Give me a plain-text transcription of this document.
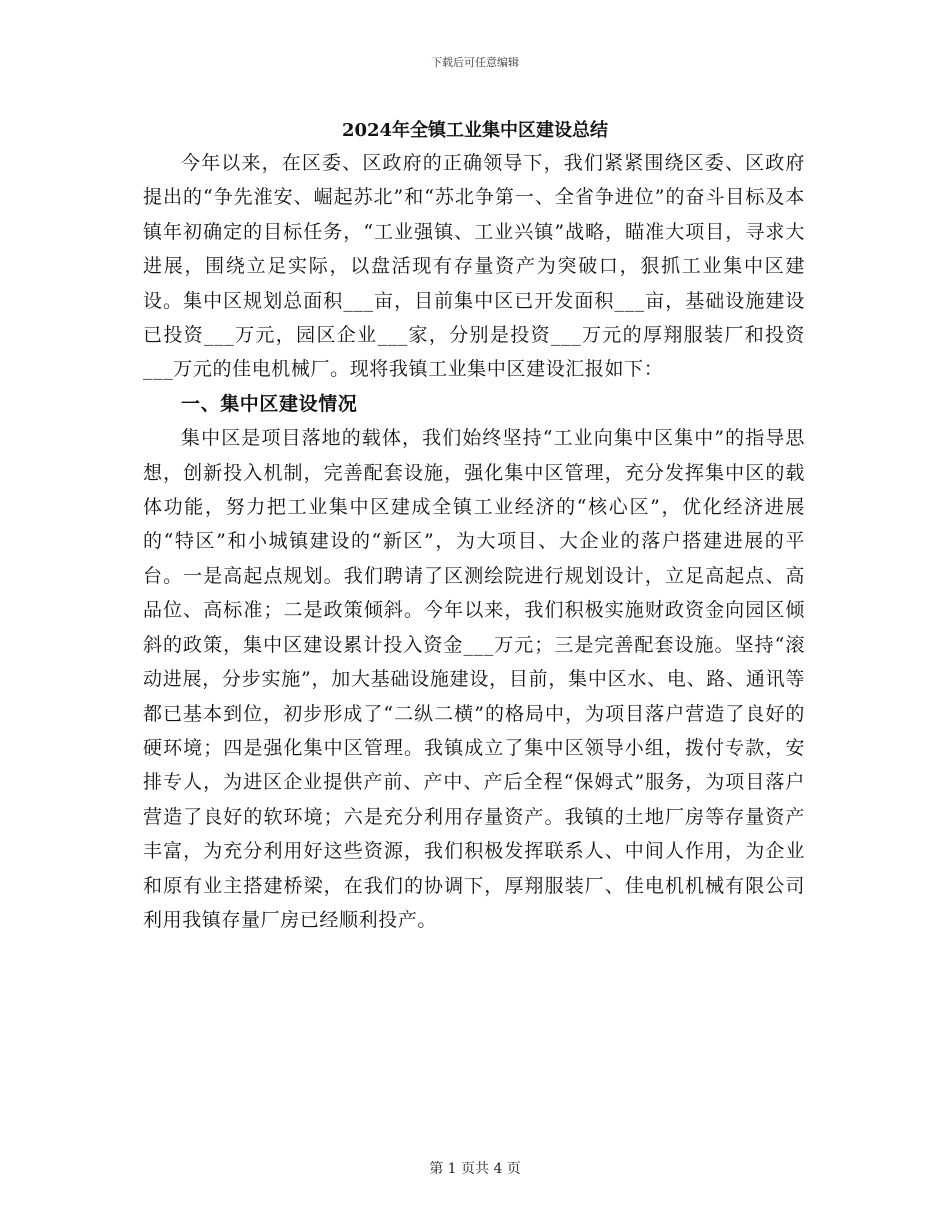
下载后可任意编辑
2024年全镇工业集中区建设总结

今年以来，在区委、区政府的正确领导下，我们紧紧围绕区委、区政府提出的“争先淮安、崛起苏北”和“苏北争第一、全省争进位”的奋斗目标及本镇年初确定的目标任务，“工业强镇、工业兴镇”战略，瞄准大项目，寻求大进展，围绕立足实际，以盘活现有存量资产为突破口，狠抓工业集中区建设。集中区规划总面积___亩，目前集中区已开发面积___亩，基础设施建设已投资___万元，园区企业___家，分别是投资___万元的厚翔服装厂和投资___万元的佳电机械厂。现将我镇工业集中区建设汇报如下：

一、集中区建设情况

集中区是项目落地的载体，我们始终坚持“工业向集中区集中”的指导思想，创新投入机制，完善配套设施，强化集中区管理，充分发挥集中区的载体功能，努力把工业集中区建成全镇工业经济的“核心区”，优化经济进展的“特区”和小城镇建设的“新区”，为大项目、大企业的落户搭建进展的平台。一是高起点规划。我们聘请了区测绘院进行规划设计，立足高起点、高品位、高标准；二是政策倾斜。今年以来，我们积极实施财政资金向园区倾斜的政策，集中区建设累计投入资金___万元；三是完善配套设施。坚持“滚动进展，分步实施”，加大基础设施建设，目前，集中区水、电、路、通讯等都已基本到位，初步形成了“二纵二横”的格局中，为项目落户营造了良好的硬环境；四是强化集中区管理。我镇成立了集中区领导小组，拨付专款，安排专人，为进区企业提供产前、产中、产后全程“保姆式”服务，为项目落户营造了良好的软环境；六是充分利用存量资产。我镇的土地厂房等存量资产丰富，为充分利用好这些资源，我们积极发挥联系人、中间人作用，为企业和原有业主搭建桥梁，在我们的协调下，厚翔服装厂、佳电机机械有限公司利用我镇存量厂房已经顺利投产。

第 1 页共 4 页
